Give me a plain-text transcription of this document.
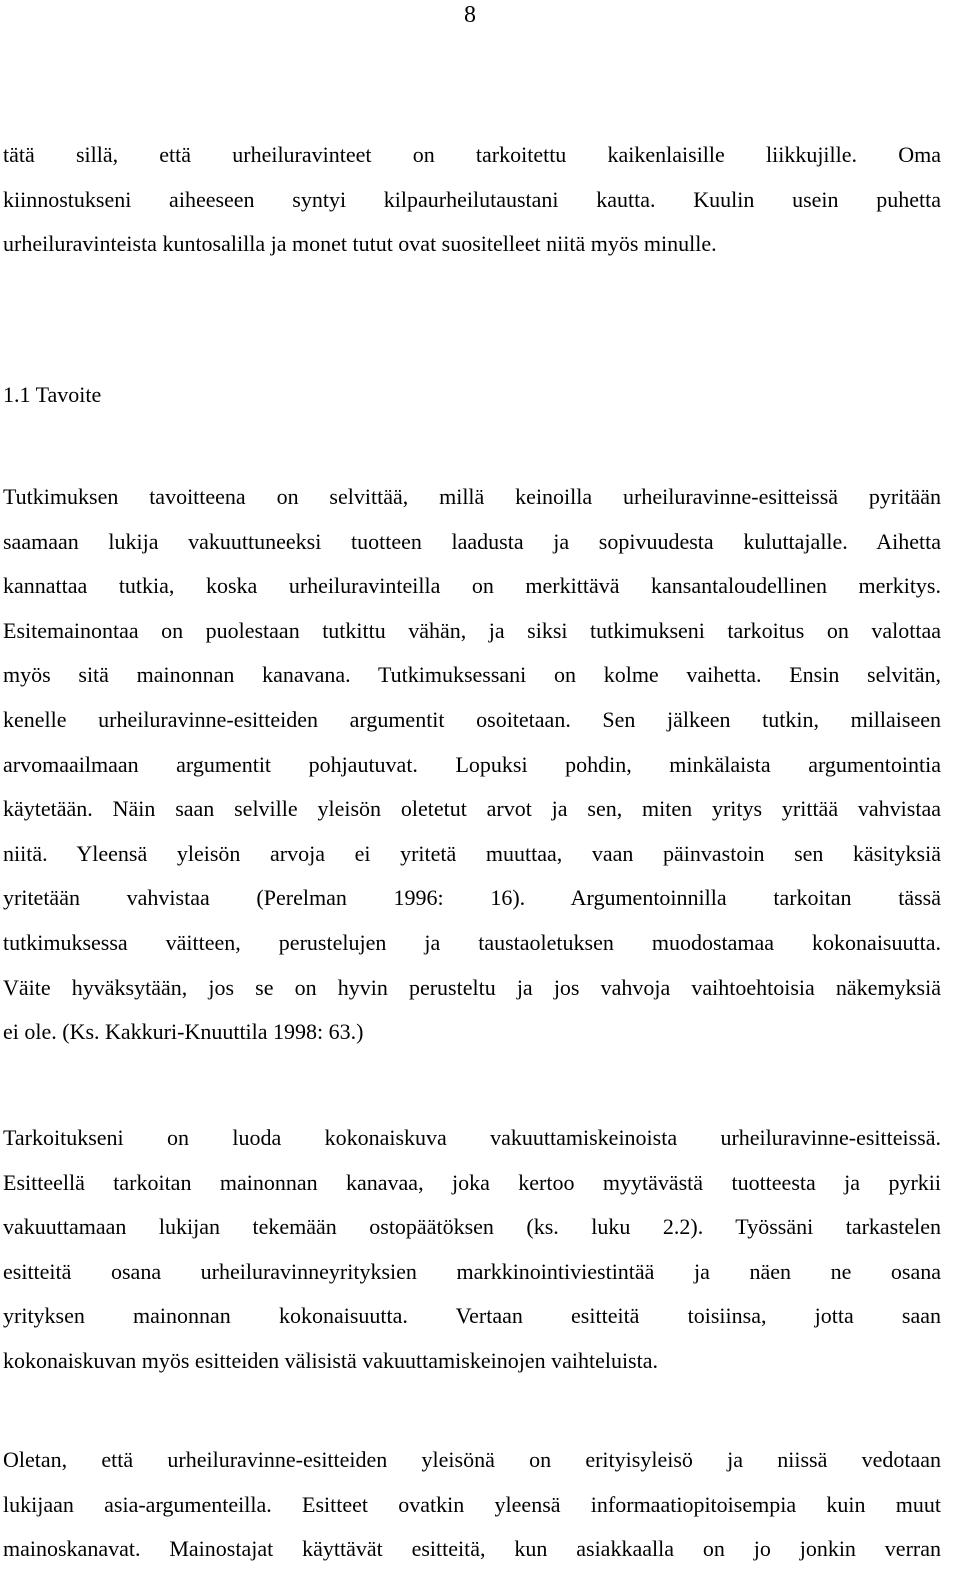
8
tätä sillä, että urheiluravinteet on tarkoitettu kaikenlaisille liikkujille. Oma
kiinnostukseni aiheeseen syntyi kilpaurheilutaustani kautta. Kuulin usein puhetta
urheiluravinteista kuntosalilla ja monet tutut ovat suositelleet niitä myös minulle.
1.1 Tavoite
Tutkimuksen tavoitteena on selvittää, millä keinoilla urheiluravinne-esitteissä pyritään
saamaan lukija vakuuttuneeksi tuotteen laadusta ja sopivuudesta kuluttajalle. Aihetta
kannattaa tutkia, koska urheiluravinteilla on merkittävä kansantaloudellinen merkitys.
Esitemainontaa on puolestaan tutkittu vähän, ja siksi tutkimukseni tarkoitus on valottaa
myös sitä mainonnan kanavana. Tutkimuksessani on kolme vaihetta. Ensin selvitän,
kenelle urheiluravinne-esitteiden argumentit osoitetaan. Sen jälkeen tutkin, millaiseen
arvomaailmaan argumentit pohjautuvat. Lopuksi pohdin, minkälaista argumentointia
käytetään. Näin saan selville yleisön oletetut arvot ja sen, miten yritys yrittää vahvistaa
niitä. Yleensä yleisön arvoja ei yritetä muuttaa, vaan päinvastoin sen käsityksiä
yritetään vahvistaa (Perelman 1996: 16). Argumentoinnilla tarkoitan tässä
tutkimuksessa väitteen, perustelujen ja taustaoletuksen muodostamaa kokonaisuutta.
Väite hyväksytään, jos se on hyvin perusteltu ja jos vahvoja vaihtoehtoisia näkemyksiä
ei ole. (Ks. Kakkuri-Knuuttila 1998: 63.)
Tarkoitukseni on luoda kokonaiskuva vakuuttamiskeinoista urheiluravinne-esitteissä.
Esitteellä tarkoitan mainonnan kanavaa, joka kertoo myytävästä tuotteesta ja pyrkii
vakuuttamaan lukijan tekemään ostopäätöksen (ks. luku 2.2). Työssäni tarkastelen
esitteitä osana urheiluravinneyrityksien markkinointiviestintää ja näen ne osana
yrityksen mainonnan kokonaisuutta. Vertaan esitteitä toisiinsa, jotta saan
kokonaiskuvan myös esitteiden välisistä vakuuttamiskeinojen vaihteluista.
Oletan, että urheiluravinne-esitteiden yleisönä on erityisyleisö ja niissä vedotaan
lukijaan asia-argumenteilla. Esitteet ovatkin yleensä informaatiopitoisempia kuin muut
mainoskanavat. Mainostajat käyttävät esitteitä, kun asiakkaalla on jo jonkin verran
